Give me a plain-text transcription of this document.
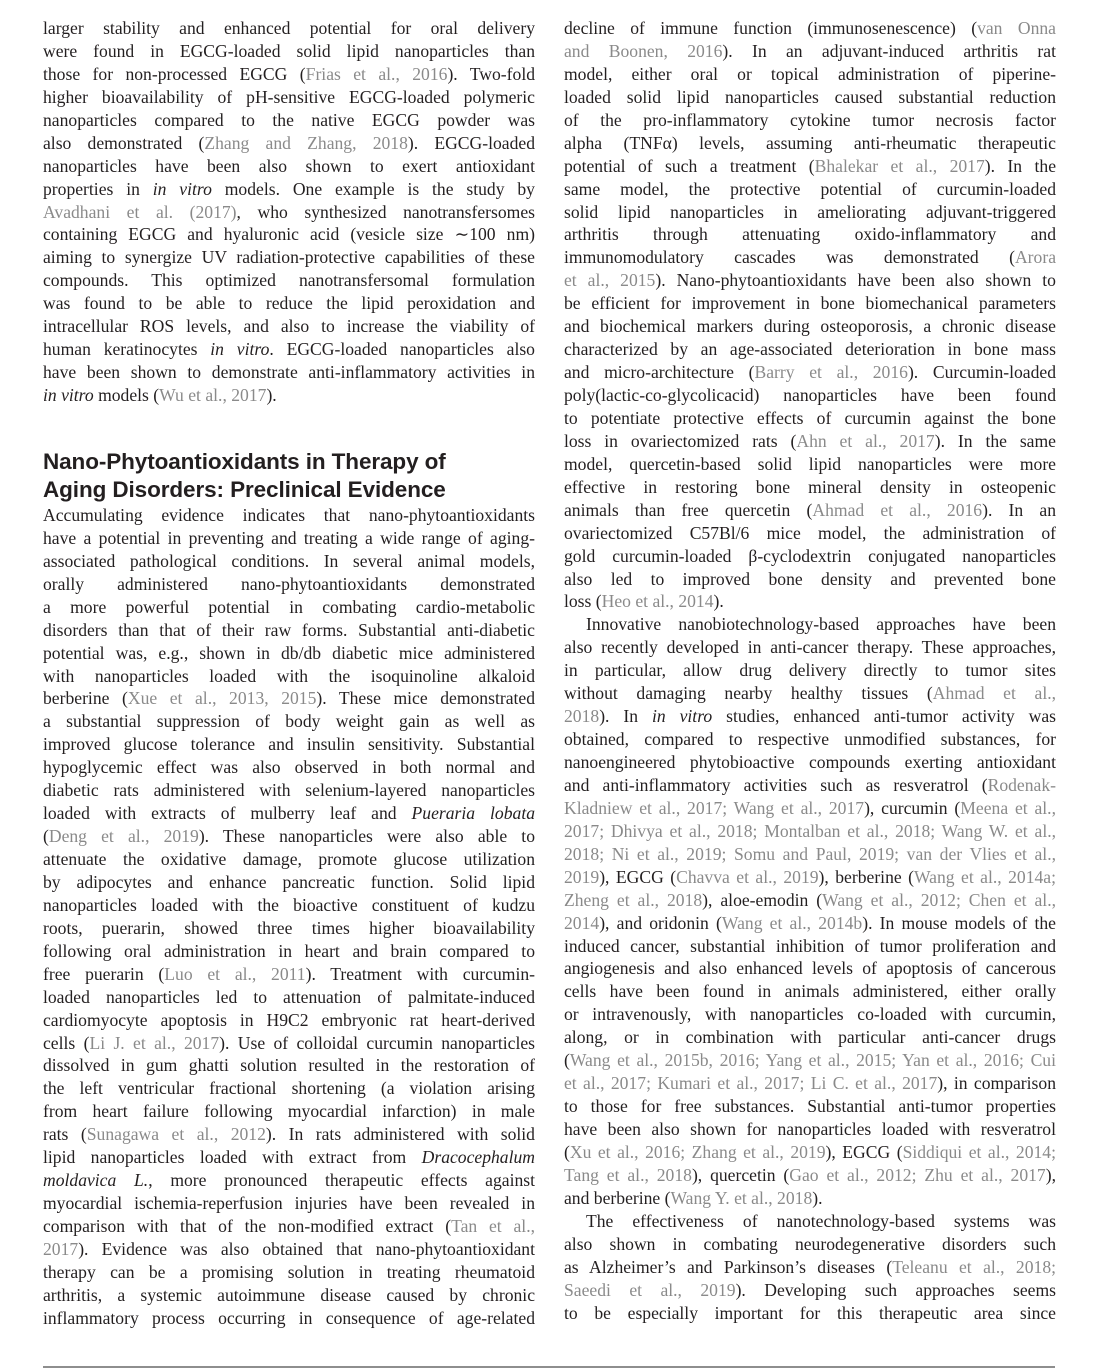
larger stability and enhanced potential for oral delivery
were found in EGCG-loaded solid lipid nanoparticles than
those for non-processed EGCG (Frias et al., 2016). Two-fold
higher bioavailability of pH-sensitive EGCG-loaded polymeric
nanoparticles compared to the native EGCG powder was
also demonstrated (Zhang and Zhang, 2018). EGCG-loaded
nanoparticles have been also shown to exert antioxidant
properties in in vitro models. One example is the study by
Avadhani et al. (2017), who synthesized nanotransfersomes
containing EGCG and hyaluronic acid (vesicle size ∼100 nm)
aiming to synergize UV radiation-protective capabilities of these
compounds. This optimized nanotransfersomal formulation
was found to be able to reduce the lipid peroxidation and
intracellular ROS levels, and also to increase the viability of
human keratinocytes in vitro. EGCG-loaded nanoparticles also
have been shown to demonstrate anti-inflammatory activities in
in vitro models (Wu et al., 2017).
Nano-Phytoantioxidants in Therapy of
Aging Disorders: Preclinical Evidence
Accumulating evidence indicates that nano-phytoantioxidants
have a potential in preventing and treating a wide range of aging-
associated pathological conditions. In several animal models,
orally administered nano-phytoantioxidants demonstrated
a more powerful potential in combating cardio-metabolic
disorders than that of their raw forms. Substantial anti-diabetic
potential was, e.g., shown in db/db diabetic mice administered
with nanoparticles loaded with the isoquinoline alkaloid
berberine (Xue et al., 2013, 2015). These mice demonstrated
a substantial suppression of body weight gain as well as
improved glucose tolerance and insulin sensitivity. Substantial
hypoglycemic effect was also observed in both normal and
diabetic rats administered with selenium-layered nanoparticles
loaded with extracts of mulberry leaf and Pueraria lobata
(Deng et al., 2019). These nanoparticles were also able to
attenuate the oxidative damage, promote glucose utilization
by adipocytes and enhance pancreatic function. Solid lipid
nanoparticles loaded with the bioactive constituent of kudzu
roots, puerarin, showed three times higher bioavailability
following oral administration in heart and brain compared to
free puerarin (Luo et al., 2011). Treatment with curcumin-
loaded nanoparticles led to attenuation of palmitate-induced
cardiomyocyte apoptosis in H9C2 embryonic rat heart-derived
cells (Li J. et al., 2017). Use of colloidal curcumin nanoparticles
dissolved in gum ghatti solution resulted in the restoration of
the left ventricular fractional shortening (a violation arising
from heart failure following myocardial infarction) in male
rats (Sunagawa et al., 2012). In rats administered with solid
lipid nanoparticles loaded with extract from Dracocephalum
moldavica L., more pronounced therapeutic effects against
myocardial ischemia-reperfusion injuries have been revealed in
comparison with that of the non-modified extract (Tan et al.,
2017). Evidence was also obtained that nano-phytoantioxidant
therapy can be a promising solution in treating rheumatoid
arthritis, a systemic autoimmune disease caused by chronic
inflammatory process occurring in consequence of age-related
decline of immune function (immunosenescence) (van Onna
and Boonen, 2016). In an adjuvant-induced arthritis rat
model, either oral or topical administration of piperine-
loaded solid lipid nanoparticles caused substantial reduction
of the pro-inflammatory cytokine tumor necrosis factor
alpha (TNFα) levels, assuming anti-rheumatic therapeutic
potential of such a treatment (Bhalekar et al., 2017). In the
same model, the protective potential of curcumin-loaded
solid lipid nanoparticles in ameliorating adjuvant-triggered
arthritis through attenuating oxido-inflammatory and
immunomodulatory cascades was demonstrated (Arora
et al., 2015). Nano-phytoantioxidants have been also shown to
be efficient for improvement in bone biomechanical parameters
and biochemical markers during osteoporosis, a chronic disease
characterized by an age-associated deterioration in bone mass
and micro-architecture (Barry et al., 2016). Curcumin-loaded
poly(lactic-co-glycolicacid) nanoparticles have been found
to potentiate protective effects of curcumin against the bone
loss in ovariectomized rats (Ahn et al., 2017). In the same
model, quercetin-based solid lipid nanoparticles were more
effective in restoring bone mineral density in osteopenic
animals than free quercetin (Ahmad et al., 2016). In an
ovariectomized C57Bl/6 mice model, the administration of
gold curcumin-loaded β-cyclodextrin conjugated nanoparticles
also led to improved bone density and prevented bone
loss (Heo et al., 2014).
Innovative nanobiotechnology-based approaches have been
also recently developed in anti-cancer therapy. These approaches,
in particular, allow drug delivery directly to tumor sites
without damaging nearby healthy tissues (Ahmad et al.,
2018). In in vitro studies, enhanced anti-tumor activity was
obtained, compared to respective unmodified substances, for
nanoengineered phytobioactive compounds exerting antioxidant
and anti-inflammatory activities such as resveratrol (Rodenak-
Kladniew et al., 2017; Wang et al., 2017), curcumin (Meena et al.,
2017; Dhivya et al., 2018; Montalban et al., 2018; Wang W. et al.,
2018; Ni et al., 2019; Somu and Paul, 2019; van der Vlies et al.,
2019), EGCG (Chavva et al., 2019), berberine (Wang et al., 2014a;
Zheng et al., 2018), aloe-emodin (Wang et al., 2012; Chen et al.,
2014), and oridonin (Wang et al., 2014b). In mouse models of the
induced cancer, substantial inhibition of tumor proliferation and
angiogenesis and also enhanced levels of apoptosis of cancerous
cells have been found in animals administered, either orally
or intravenously, with nanoparticles co-loaded with curcumin,
along, or in combination with particular anti-cancer drugs
(Wang et al., 2015b, 2016; Yang et al., 2015; Yan et al., 2016; Cui
et al., 2017; Kumari et al., 2017; Li C. et al., 2017), in comparison
to those for free substances. Substantial anti-tumor properties
have been also shown for nanoparticles loaded with resveratrol
(Xu et al., 2016; Zhang et al., 2019), EGCG (Siddiqui et al., 2014;
Tang et al., 2018), quercetin (Gao et al., 2012; Zhu et al., 2017),
and berberine (Wang Y. et al., 2018).
The effectiveness of nanotechnology-based systems was
also shown in combating neurodegenerative disorders such
as Alzheimer’s and Parkinson’s diseases (Teleanu et al., 2018;
Saeedi et al., 2019). Developing such approaches seems
to be especially important for this therapeutic area since
